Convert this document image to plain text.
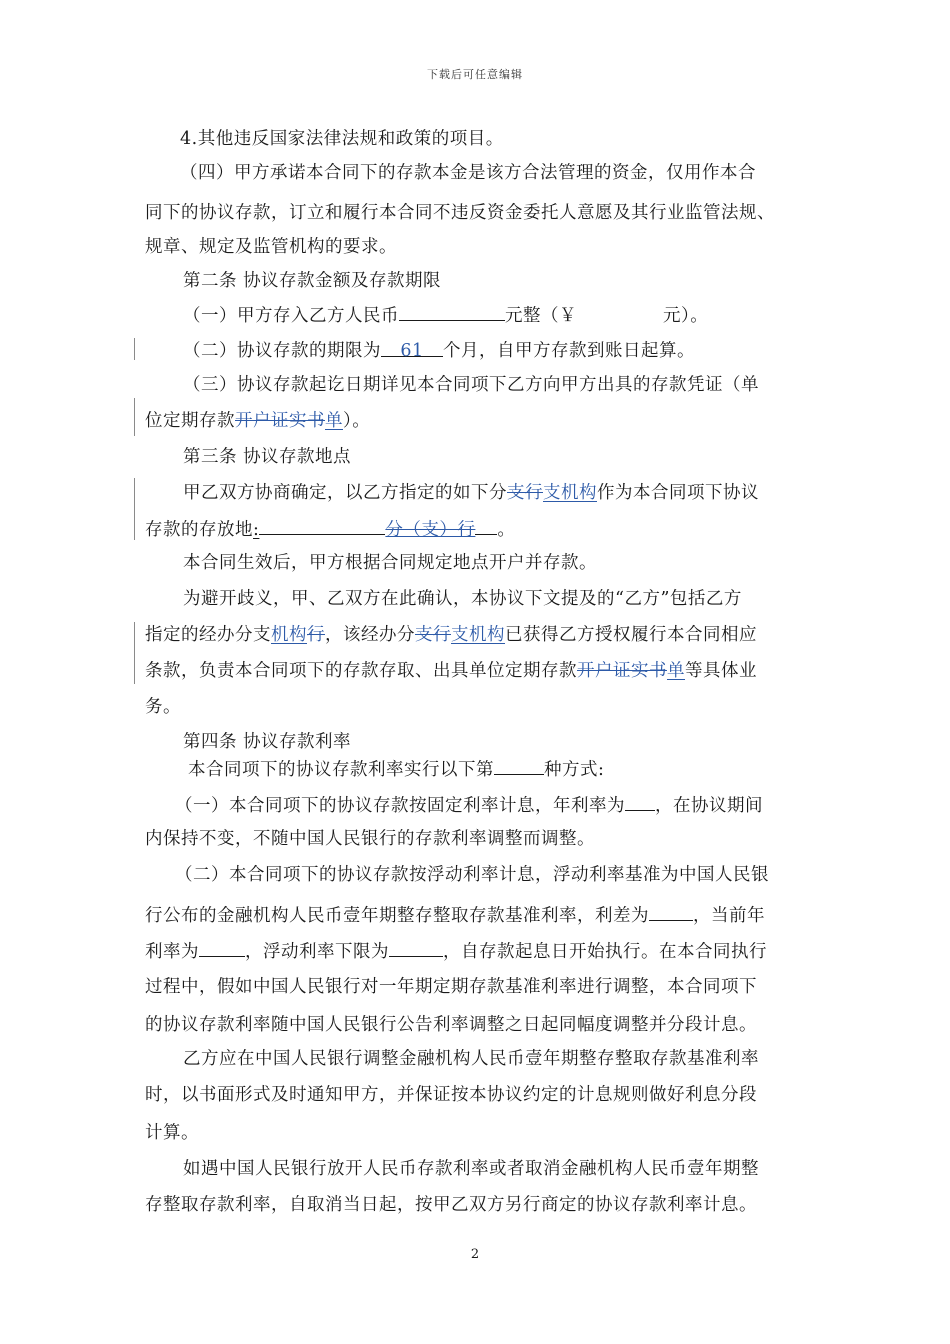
下载后可任意编辑
4.其他违反国家法律法规和政策的项目。
（四）甲方承诺本合同下的存款本金是该方合法管理的资金，仅用作本合
同下的协议存款，订立和履行本合同不违反资金委托人意愿及其行业监管法规、
规章、规定及监管机构的要求。
第二条 协议存款金额及存款期限
（一）甲方存入乙方人民币	元整（￥	元）。
（二）协议存款的期限为 61 个月，自甲方存款到账日起算。
（三）协议存款起讫日期详见本合同项下乙方向甲方出具的存款凭证（单
位定期存款开户证实书单）。
第三条 协议存款地点
甲乙双方协商确定，以乙方指定的如下分支行支机构作为本合同项下协议
存款的存放地:	分（支）行 。
本合同生效后，甲方根据合同规定地点开户并存款。
为避开歧义，甲、乙双方在此确认，本协议下文提及的“乙方”包括乙方
指定的经办分支机构行，该经办分支行支机构已获得乙方授权履行本合同相应
条款，负责本合同项下的存款存取、出具单位定期存款开户证实书单等具体业
务。
第四条 协议存款利率
本合同项下的协议存款利率实行以下第	种方式:
（一）本合同项下的协议存款按固定利率计息，年利率为 ，在协议期间
内保持不变，不随中国人民银行的存款利率调整而调整。
（二）本合同项下的协议存款按浮动利率计息，浮动利率基准为中国人民银
行公布的金融机构人民币壹年期整存整取存款基准利率，利差为	，当前年
利率为	，浮动利率下限为	，自存款起息日开始执行。在本合同执行
过程中，假如中国人民银行对一年期定期存款基准利率进行调整，本合同项下
的协议存款利率随中国人民银行公告利率调整之日起同幅度调整并分段计息。
乙方应在中国人民银行调整金融机构人民币壹年期整存整取存款基准利率
时，以书面形式及时通知甲方，并保证按本协议约定的计息规则做好利息分段
计算。
如遇中国人民银行放开人民币存款利率或者取消金融机构人民币壹年期整
存整取存款利率，自取消当日起，按甲乙双方另行商定的协议存款利率计息。
2
